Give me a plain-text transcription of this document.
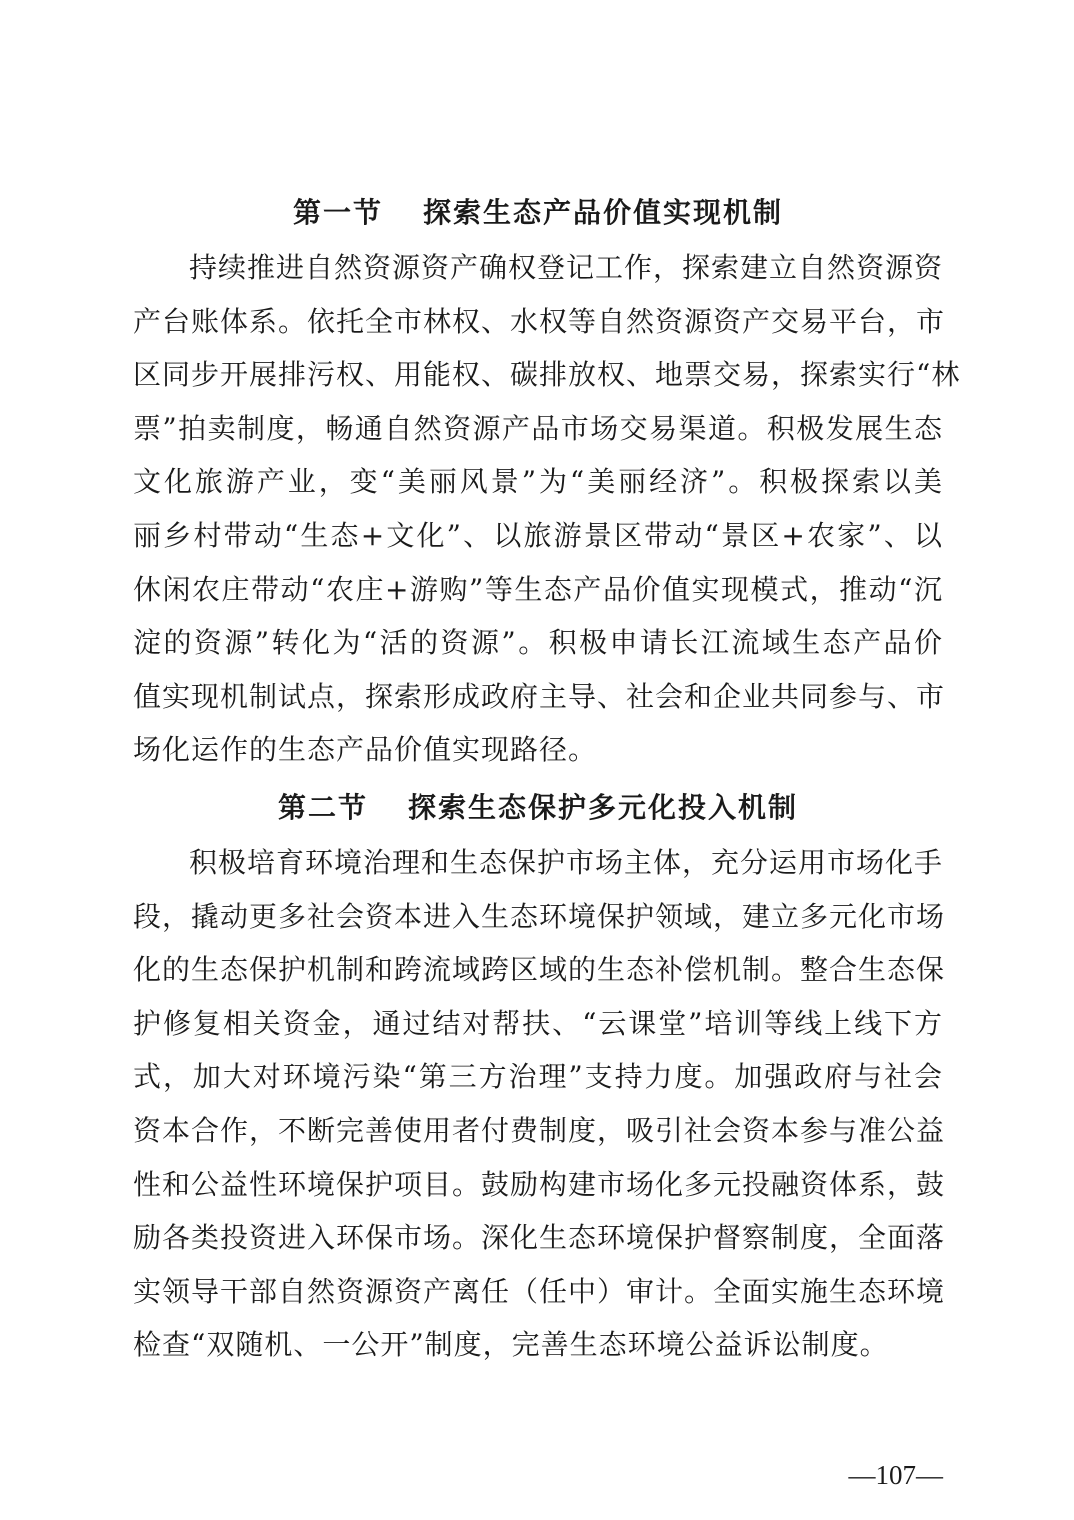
第一节 探索生态产品价值实现机制
持续推进自然资源资产确权登记工作，探索建立自然资源资
产台账体系。依托全市林权、水权等自然资源资产交易平台，市
区同步开展排污权、用能权、碳排放权、地票交易，探索实行“林
票”拍卖制度，畅通自然资源产品市场交易渠道。积极发展生态
文化旅游产业，变“美丽风景”为“美丽经济”。积极探索以美
丽乡村带动“生态+文化”、以旅游景区带动“景区+农家”、以
休闲农庄带动“农庄+游购”等生态产品价值实现模式，推动“沉
淀的资源”转化为“活的资源”。积极申请长江流域生态产品价
值实现机制试点，探索形成政府主导、社会和企业共同参与、市
场化运作的生态产品价值实现路径。
第二节 探索生态保护多元化投入机制
积极培育环境治理和生态保护市场主体，充分运用市场化手
段，撬动更多社会资本进入生态环境保护领域，建立多元化市场
化的生态保护机制和跨流域跨区域的生态补偿机制。整合生态保
护修复相关资金，通过结对帮扶、“云课堂”培训等线上线下方
式，加大对环境污染“第三方治理”支持力度。加强政府与社会
资本合作，不断完善使用者付费制度，吸引社会资本参与准公益
性和公益性环境保护项目。鼓励构建市场化多元投融资体系，鼓
励各类投资进入环保市场。深化生态环境保护督察制度，全面落
实领导干部自然资源资产离任（任中）审计。全面实施生态环境
检查“双随机、一公开”制度，完善生态环境公益诉讼制度。
—107—
